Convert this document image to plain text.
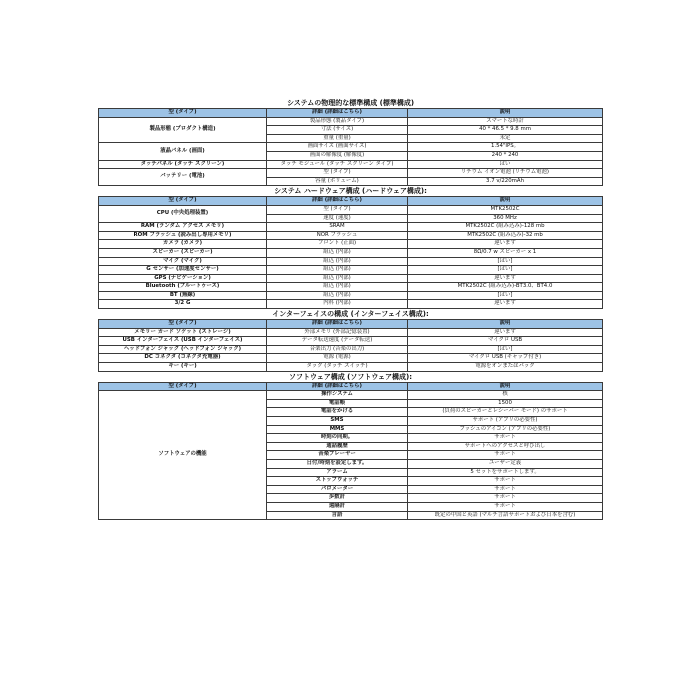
システムの物理的な標準構成 (標準構成)		
型 (タイプ)	詳細 (詳細はこちら)	説明
製品形態 (プロダクト構造)	製品形態 (製品タイプ)	スマートな時計
	寸法 (サイズ)	40 * 46.5 * 9.8 mm
	重量 (重量)	未定
液晶パネル (画面)	画面サイズ (画面サイズ)	1.54"IPS。
	画面の解像度 (解像度)	240 * 240
タッチパネル (タッチ スクリーン)	タッチ モジュール (タッチ スクリーン タイプ)	はい
バッテリー (電池)	型 (タイプ)	リチウム イオン電池 (リチウム電池)
	容量 (ボリューム)	3.7 v/220mAh
システム ハードウェア構成 (ハードウェア構成):		
型 (タイプ)	詳細 (詳細はこちら)	説明
CPU (中央処理装置)	型 (タイプ)	MTK2502C
	速度 (速度)	360 MHz
RAM (ランダム アクセス メモリ)	SRAM	MTK2502C (組み込み)-128 mb
ROM フラッシュ (読み出し専用メモリ)	NOR フラッシュ	MTK2502C (組み込み)-32 mb
カメラ (カメラ)	フロント (正面)	違います
スピーカー (スピーカー)	組込 (内部)	8Ω/0.7 w スピーカー x 1
マイク (マイク)	組込 (内部)	[はい]
G センサー (加速度センサー)	組込 (内部)	[はい]
GPS (ナビゲーション)	組込 (内部)	違います
Bluetooth (ブルートゥース)	組込 (内部)	MTK2502C (組み込み)-BT3.0、BT4.0
BT (無線)	組込 (内部)	[はい]
3/2 G	内科 (内部)	違います
インターフェイスの構成 (インターフェイス構成):		
型 (タイプ)	詳細 (詳細はこちら)	説明
メモリー カード ソケット (ストレージ)	外部メモリ (外部記憶装置)	違います
USB インターフェイス (USB インターフェイス)	データ転送速度 (データ転送)	マイクロ USB
ヘッドフォン ジャック (ヘッドフォン ジャック)	音楽出力 (音楽の出力)	[はい]
DC コネクタ (コネクタ充電器)	電源 (電源)	マイクロ USB (キャップ付き)
キー (キー)	タック (タッチ スイッチ)	電源をオンまたはバック
ソフトウェア構成 (ソフトウェア構成):		
型 (タイプ)	詳細 (詳細はこちら)	説明
ソフトウェアの機能	操作システム	核
	電話帳	1500
	電話をかける	(負荷のスピーカーとレシーバー モード) のサポート
	SMS	サポート (アプリの必要性)
	MMS	プッシュのアイコン (アプリの必要性)
	時刻の同期。	サポート
	通話履歴	サポートへのアクセスと呼び出し
	音楽プレーヤー	サポート
	日付/時刻を設定します。	ユーザー定義
	アラーム	5 セットをサポートします。
	ストップウォッチ	サポート
	パロメーター	サポート
	歩数計	サポート
	遠隔計	サポート
	言語	既定の中国と英語 (マルチ言語サポートおよび日本を含む)
